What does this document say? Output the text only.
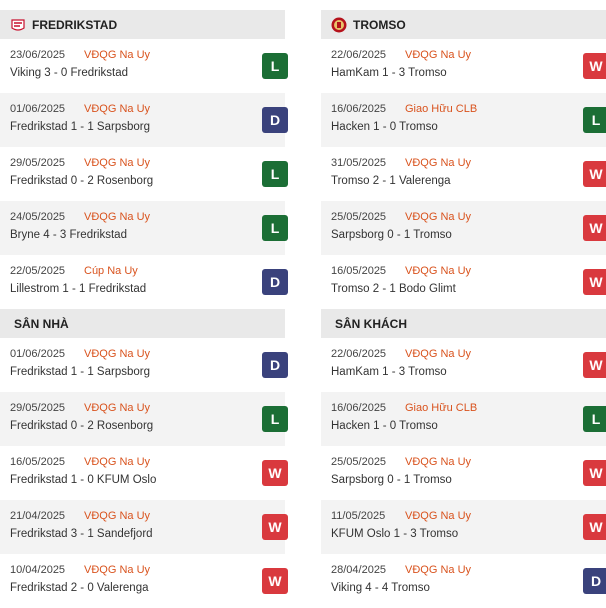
FREDRIKSTAD
23/06/2025 VĐQG Na Uy
Viking 3 - 0 Fredrikstad	L
01/06/2025 VĐQG Na Uy
Fredrikstad 1 - 1 Sarpsborg	D
29/05/2025 VĐQG Na Uy
Fredrikstad 0 - 2 Rosenborg	L
24/05/2025 VĐQG Na Uy
Bryne 4 - 3 Fredrikstad	L
22/05/2025 Cúp Na Uy
Lillestrom 1 - 1 Fredrikstad	D
SÂN NHÀ
01/06/2025 VĐQG Na Uy
Fredrikstad 1 - 1 Sarpsborg	D
29/05/2025 VĐQG Na Uy
Fredrikstad 0 - 2 Rosenborg	L
16/05/2025 VĐQG Na Uy
Fredrikstad 1 - 0 KFUM Oslo	W
21/04/2025 VĐQG Na Uy
Fredrikstad 3 - 1 Sandefjord	W
10/04/2025 VĐQG Na Uy
Fredrikstad 2 - 0 Valerenga	W
TROMSO
22/06/2025 VĐQG Na Uy
HamKam 1 - 3 Tromso	W
16/06/2025 Giao Hữu CLB
Hacken 1 - 0 Tromso	L
31/05/2025 VĐQG Na Uy
Tromso 2 - 1 Valerenga	W
25/05/2025 VĐQG Na Uy
Sarpsborg 0 - 1 Tromso	W
16/05/2025 VĐQG Na Uy
Tromso 2 - 1 Bodo Glimt	W
SÂN KHÁCH
22/06/2025 VĐQG Na Uy
HamKam 1 - 3 Tromso	W
16/06/2025 Giao Hữu CLB
Hacken 1 - 0 Tromso	L
25/05/2025 VĐQG Na Uy
Sarpsborg 0 - 1 Tromso	W
11/05/2025 VĐQG Na Uy
KFUM Oslo 1 - 3 Tromso	W
28/04/2025 VĐQG Na Uy
Viking 4 - 4 Tromso	D
